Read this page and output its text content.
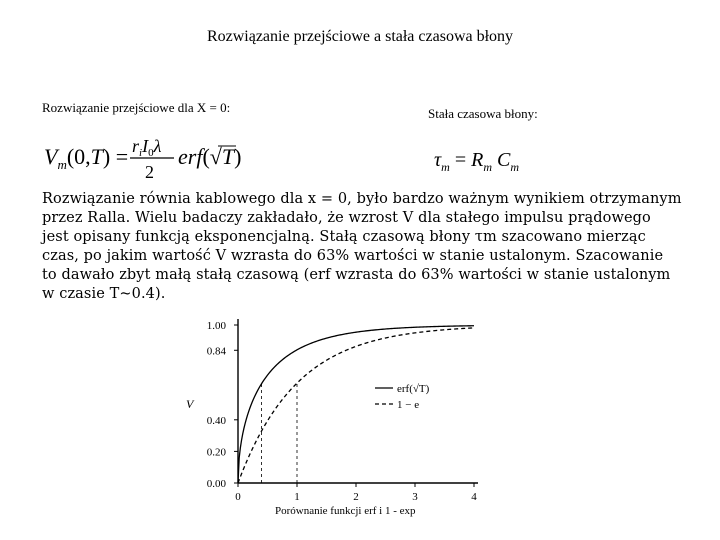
Rozwiązanie przejściowe a stała czasowa błony
Rozwiązanie przejściowe dla X = 0:	Stała czasowa błony:
$V_m(0,T) = r_iI_0\lambda$
2
erf(√T)	$\tau_m = R_m$ $C_m$
Rozwiązanie równia kablowego dla x = 0, było bardzo ważnym wynikiem otrzymanym przez Ralla. Wielu badaczy zakładało, że wzrost V dla stałego impulsu prądowego jest opisany funkcją eksponencjalną. Stałą czasową błony τm szacowano mierząc czas, po jakim wartość V wzrasta do 63% wartości w stanie ustalonym. Szacowanie to dawało zbyt małą stałą czasową (erf wzrasta do 63% wartości w stanie ustalonym w czasie T~0.4).
1.00
0.84
0.40
0.20
0.00
0	1	2	3	4
erf(√T)
1 − e
V
Porównanie funkcji erf i 1 - exp
